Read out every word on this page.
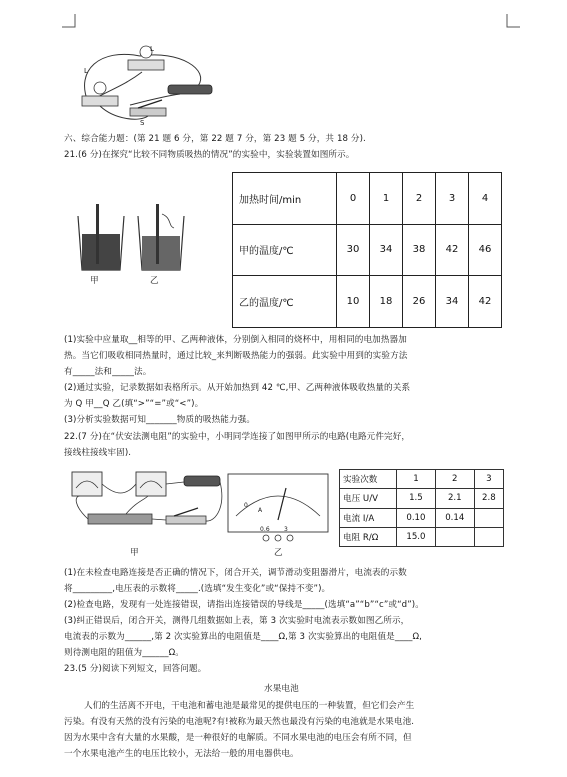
L
L
S
六、综合能力题：(第 21 题 6 分，第 22 题 7 分，第 23 题 5 分，共 18 分).
21.(6 分)在探究“比较不同物质吸热的情况”的实验中，实验装置如图所示。
甲	乙
加热时间/min	0	1	2	3	4
甲的温度/℃	30	34	38	42	46
乙的温度/℃	10	18	26	34	42
(1)实验中应量取__相等的甲、乙两种液体，分别倒入相同的烧杯中，用相同的电加热器加
热。当它们吸收相同热量时，通过比较_来判断吸热能力的强弱。此实验中用到的实验方法
有_____法和_____法。
(2)通过实验，记录数据如表格所示。从开始加热到 42 ℃,甲、乙两种液体吸收热量的关系
为 Q 甲__Q 乙(填“>”“=”或“<”)。
(3)分析实验数据可知_______物质的吸热能力强。
22.(7 分)在“伏安法测电阻”的实验中，小明同学连接了如图甲所示的电路(电路元件完好，
接线柱接线牢固).
甲
0
A
0.6 3
乙
实验次数	1	2	3
电压 U/V	1.5	2.1	2.8
电流 I/A	0.10	0.14	
电阻 R/Ω	15.0		
(1)在未检查电路连接是否正确的情况下，闭合开关，调节滑动变阻器滑片，电流表的示数
将_________,电压表的示数将_____.(选填“发生变化”或“保持不变”)。
(2)检查电路，发现有一处连接错误，请指出连接错误的导线是_____(选填“a”“b”“c”或“d”)。
(3)纠正错误后，闭合开关，测得几组数据如上表，第 3 次实验时电流表示数如图乙所示，
电流表的示数为______,第 2 次实验算出的电阻值是____Ω,第 3 次实验算出的电阻值是____Ω,
则待测电阻的阻值为______Ω。
23.(5 分)阅读下列短文，回答问题。
水果电池
人们的生活离不开电，干电池和蓄电池是最常见的提供电压的一种装置，但它们会产生
污染。有没有天然的没有污染的电池呢?有!被称为最天然也最没有污染的电池就是水果电池.
因为水果中含有大量的水果酸，是一种很好的电解质。不同水果电池的电压会有所不同，但
一个水果电池产生的电压比较小，无法给一般的用电器供电。
